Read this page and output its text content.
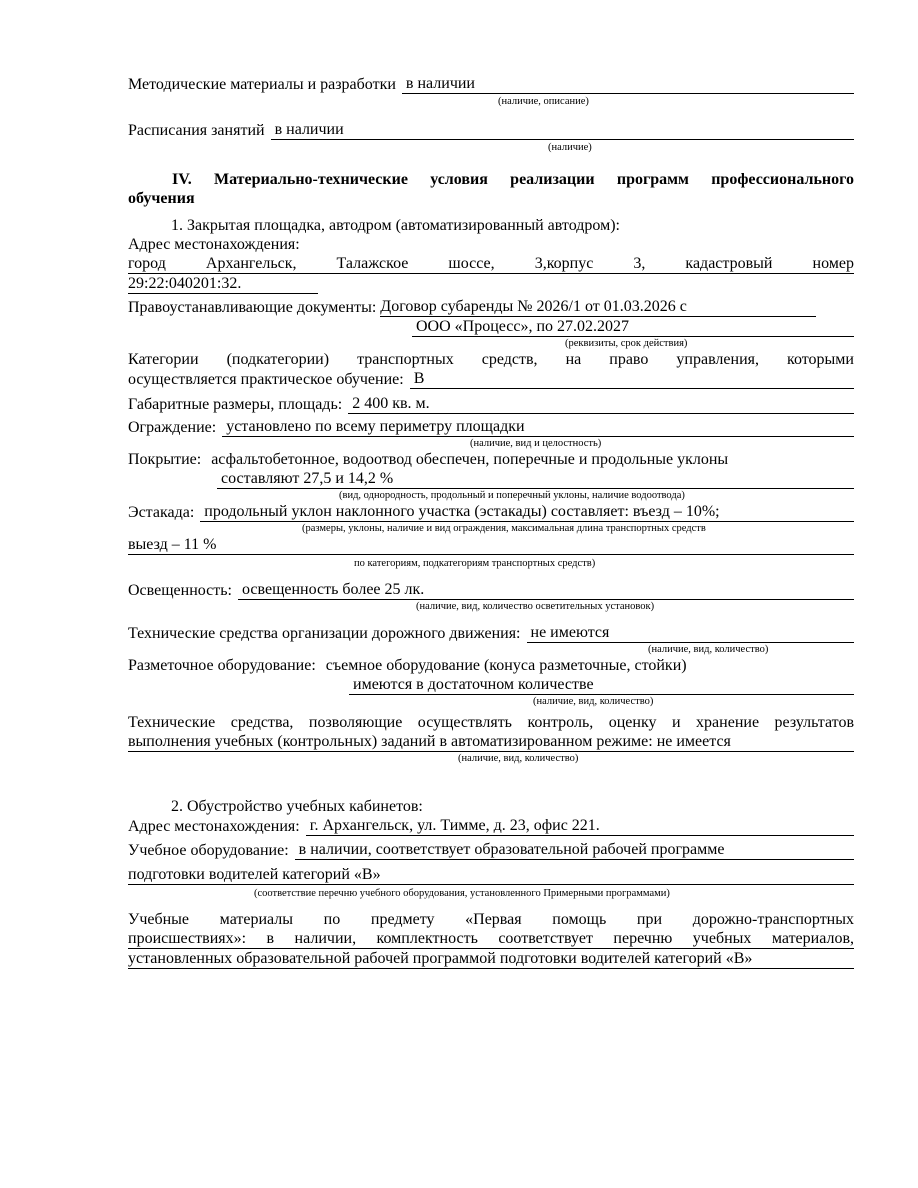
Методические материалы и разработки в наличии
(наличие, описание)
Расписания занятий в наличии
(наличие)
IV. Материально-технические условия реализации программ профессионального
обучения
1. Закрытая площадка, автодром (автоматизированный автодром):
Адрес местонахождения:
город Архангельск, Талажское шоссе, 3,корпус 3, кадастровый номер
29:22:040201:32.
Правоустанавливающие документы: Договор субаренды № 2026/1 от 01.03.2026 с
ООО «Процесс», по 27.02.2027
(реквизиты, срок действия)
Категории (подкатегории) транспортных средств, на право управления, которыми
осуществляется практическое обучение: В
Габаритные размеры, площадь: 2 400 кв. м.
Ограждение: установлено по всему периметру площадки
(наличие, вид и целостность)
Покрытие: асфальтобетонное, водоотвод обеспечен, поперечные и продольные уклоны
составляют 27,5 и 14,2 %
(вид, однородность, продольный и поперечный уклоны, наличие водоотвода)
Эстакада: продольный уклон наклонного участка (эстакады) составляет: въезд – 10%;
(размеры, уклоны, наличие и вид ограждения, максимальная длина транспортных средств
выезд – 11 %
по категориям, подкатегориям транспортных средств)
Освещенность: освещенность более 25 лк.
(наличие, вид, количество осветительных установок)
Технические средства организации дорожного движения: не имеются
(наличие, вид, количество)
Разметочное оборудование: съемное оборудование (конуса разметочные, стойки)
имеются в достаточном количестве
(наличие, вид, количество)
Технические средства, позволяющие осуществлять контроль, оценку и хранение результатов
выполнения учебных (контрольных) заданий в автоматизированном режиме: не имеется
(наличие, вид, количество)
2. Обустройство учебных кабинетов:
Адрес местонахождения: г. Архангельск, ул. Тимме, д. 23, офис 221.
Учебное оборудование: в наличии, соответствует образовательной рабочей программе
подготовки водителей категорий «В»
(соответствие перечню учебного оборудования, установленного Примерными программами)
Учебные материалы по предмету «Первая помощь при дорожно-транспортных
происшествиях»: в наличии, комплектность соответствует перечню учебных материалов,
установленных образовательной рабочей программой подготовки водителей категорий «В»
